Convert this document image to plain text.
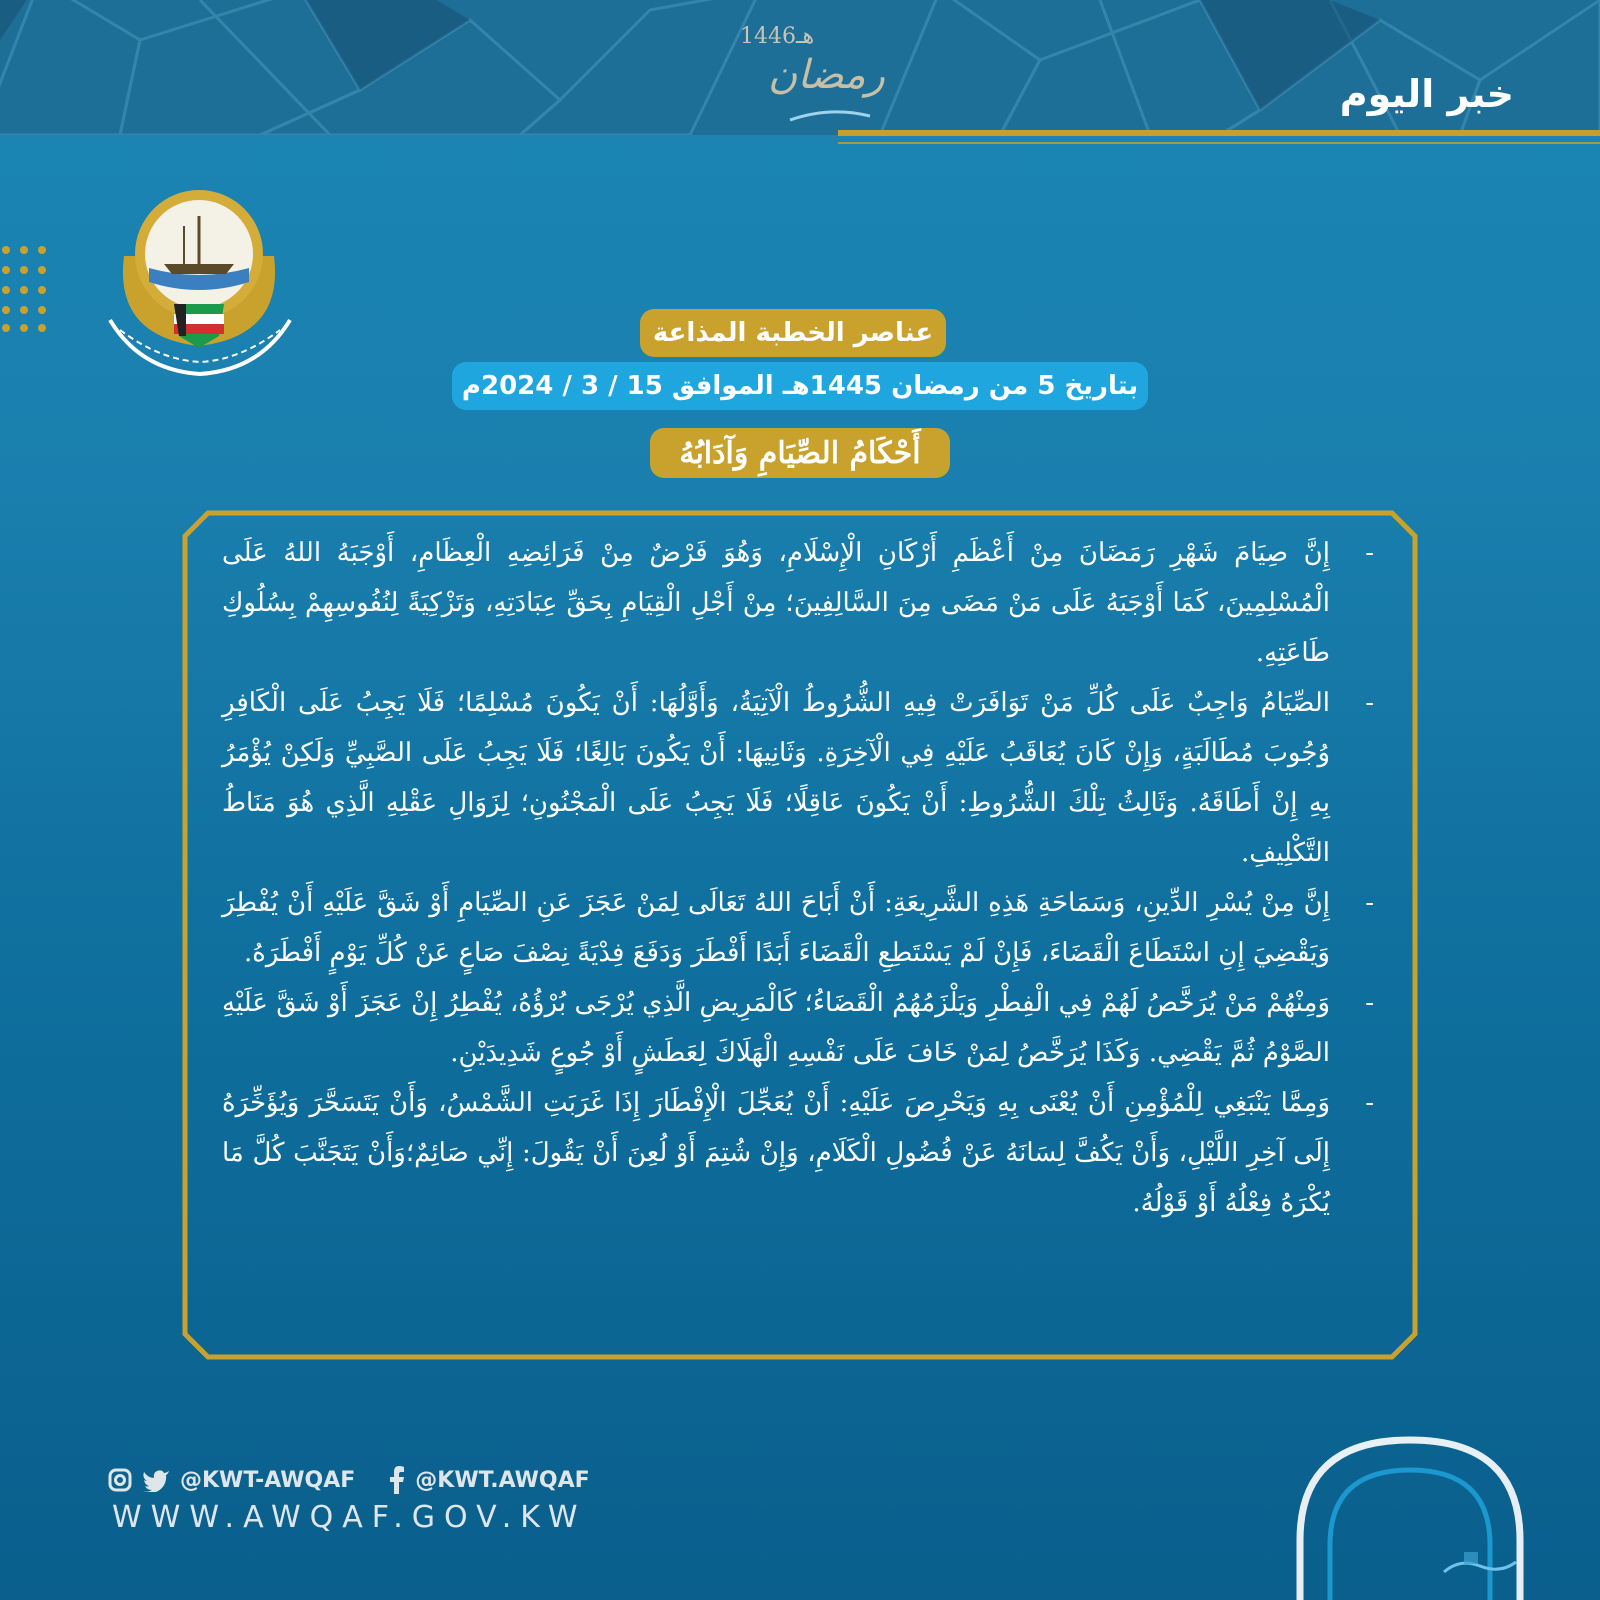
1446هـ
رمضان	خبر اليوم
عناصر الخطبة المذاعة
بتاريخ 5 من رمضان 1445هـ الموافق 15 / 3 / 2024م
أَحْكَامُ الصِّيَامِ وَآدَابُهُ
-
إِنَّ صِيَامَ شَهْرِ رَمَضَانَ مِنْ أَعْظَمِ أَرْكَانِ الْإِسْلَامِ، وَهُوَ فَرْضٌ مِنْ فَرَائِضِهِ الْعِظَامِ، أَوْجَبَهُ اللهُ عَلَى الْمُسْلِمِينَ، كَمَا أَوْجَبَهُ عَلَى مَنْ مَضَى مِنَ السَّالِفِينَ؛ مِنْ أَجْلِ الْقِيَامِ بِحَقِّ عِبَادَتِهِ، وَتَزْكِيَةً لِنُفُوسِهِمْ بِسُلُوكِ طَاعَتِهِ.
-
الصِّيَامُ وَاجِبٌ عَلَى كُلِّ مَنْ تَوَافَرَتْ فِيهِ الشُّرُوطُ الْآتِيَةُ، وَأَوَّلُهَا: أَنْ يَكُونَ مُسْلِمًا؛ فَلَا يَجِبُ عَلَى الْكَافِرِ وُجُوبَ مُطَالَبَةٍ، وَإِنْ كَانَ يُعَاقَبُ عَلَيْهِ فِي الْآخِرَةِ. وَثَانِيهَا: أَنْ يَكُونَ بَالِغًا؛ فَلَا يَجِبُ عَلَى الصَّبِيِّ وَلَكِنْ يُؤْمَرُ بِهِ إِنْ أَطَاقَهُ. وَثَالِثُ تِلْكَ الشُّرُوطِ: أَنْ يَكُونَ عَاقِلًا؛ فَلَا يَجِبُ عَلَى الْمَجْنُونِ؛ لِزَوَالِ عَقْلِهِ الَّذِي هُوَ مَنَاطُ التَّكْلِيفِ.
-
إِنَّ مِنْ يُسْرِ الدِّينِ، وَسَمَاحَةِ هَذِهِ الشَّرِيعَةِ: أَنْ أَبَاحَ اللهُ تَعَالَى لِمَنْ عَجَزَ عَنِ الصِّيَامِ أَوْ شَقَّ عَلَيْهِ أَنْ يُفْطِرَ وَيَقْضِيَ إِنِ اسْتَطَاعَ الْقَضَاءَ، فَإِنْ لَمْ يَسْتَطِعِ الْقَضَاءَ أَبَدًا أَفْطَرَ وَدَفَعَ فِدْيَةً نِصْفَ صَاعٍ عَنْ كُلِّ يَوْمٍ أَفْطَرَهُ.
-
وَمِنْهُمْ مَنْ يُرَخَّصُ لَهُمْ فِي الْفِطْرِ وَيَلْزَمُهُمُ الْقَضَاءُ؛ كَالْمَرِيضِ الَّذِي يُرْجَى بُرْؤُهُ، يُفْطِرُ إِنْ عَجَزَ أَوْ شَقَّ عَلَيْهِ الصَّوْمُ ثُمَّ يَقْضِي. وَكَذَا يُرَخَّصُ لِمَنْ خَافَ عَلَى نَفْسِهِ الْهَلَاكَ لِعَطَشٍ أَوْ جُوعٍ شَدِيدَيْنِ.
-
وَمِمَّا يَنْبَغِي لِلْمُؤْمِنِ أَنْ يُعْنَى بِهِ وَيَحْرِصَ عَلَيْهِ: أَنْ يُعَجِّلَ الْإِفْطَارَ إِذَا غَرَبَتِ الشَّمْسُ، وَأَنْ يَتَسَحَّرَ وَيُؤَخِّرَهُ إِلَى آخِرِ اللَّيْلِ، وَأَنْ يَكُفَّ لِسَانَهُ عَنْ فُضُولِ الْكَلَامِ، وَإِنْ شُتِمَ أَوْ لُعِنَ أَنْ يَقُولَ: إِنِّي صَائِمٌ؛وَأَنْ يَتَجَنَّبَ كُلَّ مَا يُكْرَهُ فِعْلُهُ أَوْ قَوْلُهُ.
@KWT-AWQAF	@KWT.AWQAF
WWW.AWQAF.GOV.KW
